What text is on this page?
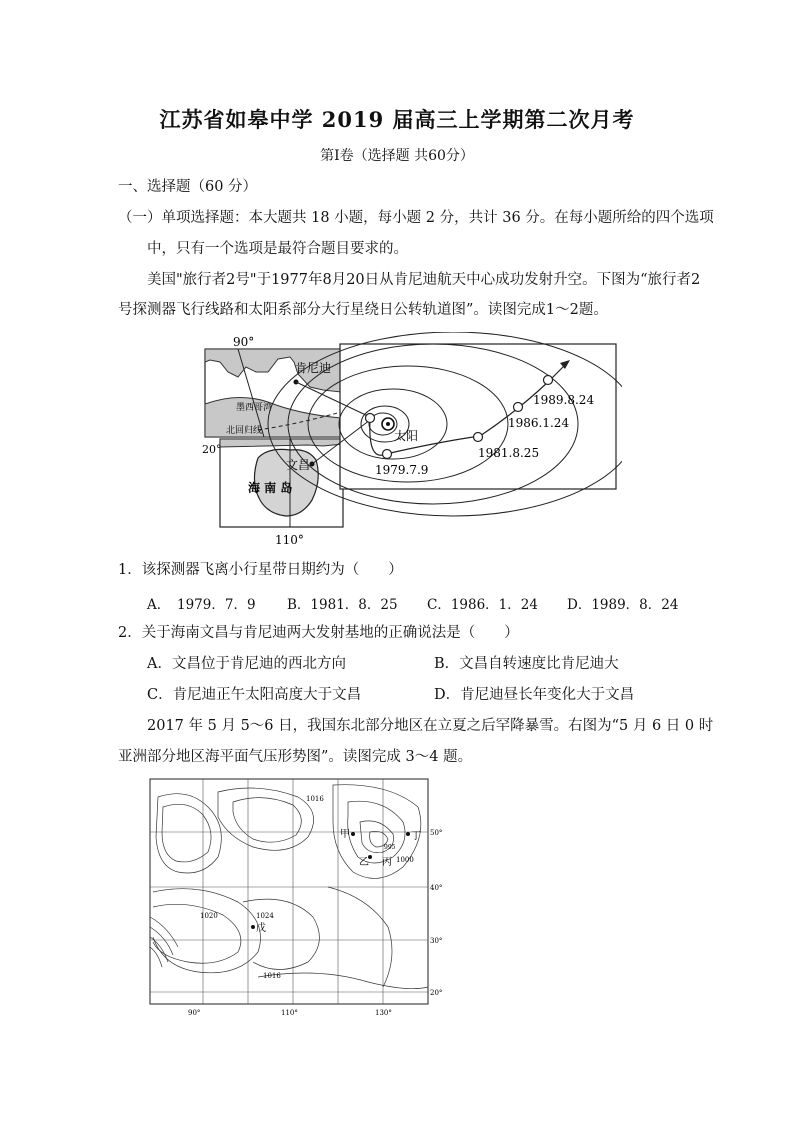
江苏省如皋中学 2019 届高三上学期第二次月考
第Ⅰ卷（选择题 共60分）
一、选择题（60 分）
（一）单项选择题：本大题共 18 小题，每小题 2 分，共计 36 分。在每小题所给的四个选项
中，只有一个选项是最符合题目要求的。
美国"旅行者2号"于1977年8月20日从肯尼迪航天中心成功发射升空。下图为“旅行者2
号探测器飞行线路和太阳系部分大行星绕日公转轨道图”。读图完成1～2题。
90°
肯尼迪
墨西哥湾
北回归线
20°
文昌
海 南 岛
110°
太阳
1979.7.9
1981.8.25
1986.1.24
1989.8.24
1．该探测器飞离小行星带日期约为（　　）
A．　1979．7．9 B．1981．8．25 C．1986．1．24 D．1989．8．24
2．关于海南文昌与肯尼迪两大发射基地的正确说法是（　　）
A．文昌位于肯尼迪的西北方向	B．文昌自转速度比肯尼迪大
C．肯尼迪正午太阳高度大于文昌	D．肯尼迪昼长年变化大于文昌
2017 年 5 月 5～6 日，我国东北部分地区在立夏之后罕降暴雪。右图为“5 月 6 日 0 时
亚洲部分地区海平面气压形势图”。读图完成 3～4 题。
1016
1020	1024
1016
1000
995
甲
乙 丙
丁
戊
50°
40°
30°
20°
90°	110°	130°
